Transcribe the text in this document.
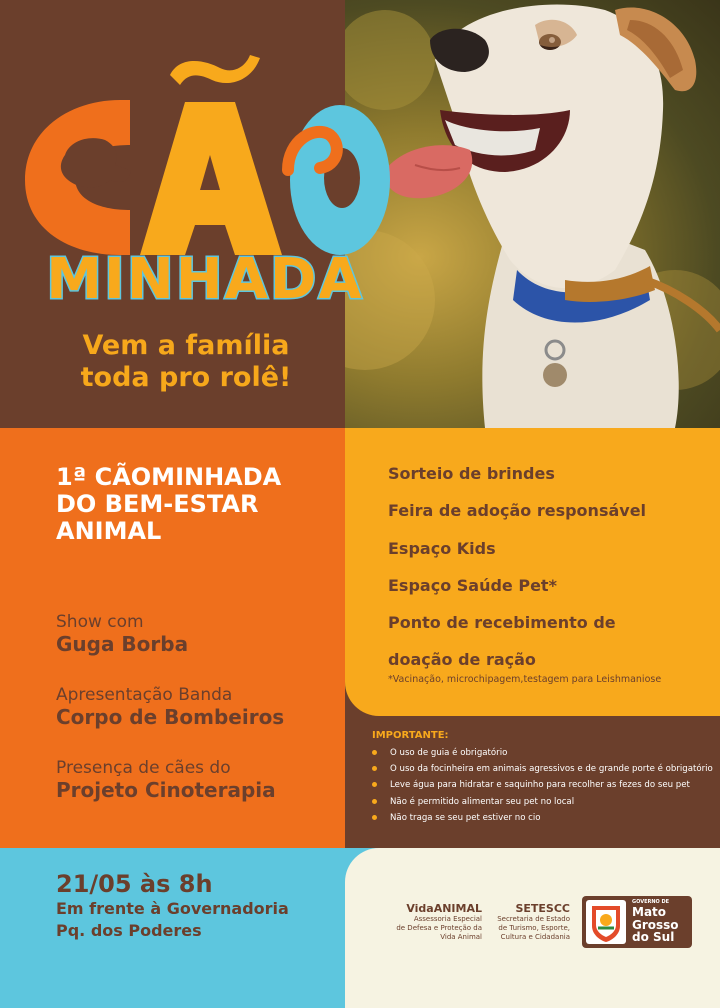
MINHADA
Vem a família
toda pro rolê!
1ª CÃOMINHADA
DO BEM-ESTAR
ANIMAL
Show com
Guga Borba
Apresentação Banda
Corpo de Bombeiros
Presença de cães do
Projeto Cinoterapia
Sorteio de brindes
Feira de adoção responsável
Espaço Kids
Espaço Saúde Pet*
Ponto de recebimento de
doação de ração
*Vacinação, microchipagem,testagem para Leishmaniose
IMPORTANTE:
O uso de guia é obrigatório
O uso da focinheira em animais agressivos e de grande porte é obrigatório
Leve água para hidratar e saquinho para recolher as fezes do seu pet
Não é permitido alimentar seu pet no local
Não traga se seu pet estiver no cio
21/05 às 8h
Em frente à Governadoria
Pq. dos Poderes
VidaANIMAL
Assessoria Especial
de Defesa e Proteção da
Vida Animal
SETESCC
Secretaria de Estado
de Turismo, Esporte,
Cultura e Cidadania
GOVERNO DE
Mato
Grosso
do Sul
